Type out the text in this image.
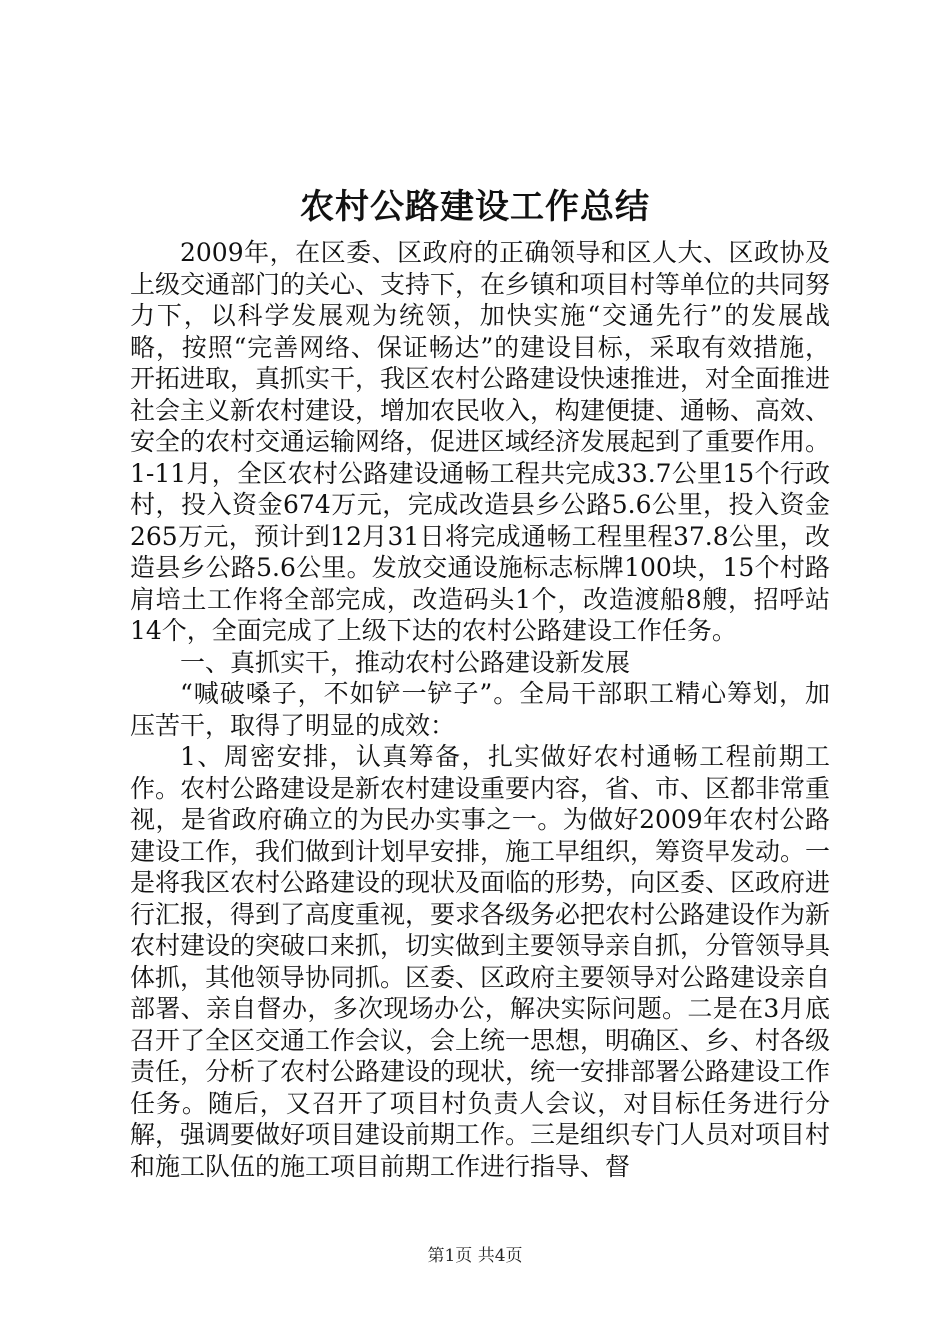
农村公路建设工作总结

2009年，在区委、区政府的正确领导和区人大、区政协及上级交通部门的关心、支持下，在乡镇和项目村等单位的共同努力下，以科学发展观为统领，加快实施“交通先行”的发展战略，按照“完善网络、保证畅达”的建设目标，采取有效措施，开拓进取，真抓实干，我区农村公路建设快速推进，对全面推进社会主义新农村建设，增加农民收入，构建便捷、通畅、高效、安全的农村交通运输网络，促进区域经济发展起到了重要作用。1-11月，全区农村公路建设通畅工程共完成33.7公里15个行政村，投入资金674万元，完成改造县乡公路5.6公里，投入资金265万元，预计到12月31日将完成通畅工程里程37.8公里，改造县乡公路5.6公里。发放交通设施标志标牌100块，15个村路肩培土工作将全部完成，改造码头1个，改造渡船8艘，招呼站14个，全面完成了上级下达的农村公路建设工作任务。

一、真抓实干，推动农村公路建设新发展

“喊破嗓子，不如铲一铲子”。全局干部职工精心筹划，加压苦干，取得了明显的成效：

1、周密安排，认真筹备，扎实做好农村通畅工程前期工作。农村公路建设是新农村建设重要内容，省、市、区都非常重视，是省政府确立的为民办实事之一。为做好2009年农村公路建设工作，我们做到计划早安排，施工早组织，筹资早发动。一是将我区农村公路建设的现状及面临的形势，向区委、区政府进行汇报，得到了高度重视，要求各级务必把农村公路建设作为新农村建设的突破口来抓，切实做到主要领导亲自抓，分管领导具体抓，其他领导协同抓。区委、区政府主要领导对公路建设亲自部署、亲自督办，多次现场办公，解决实际问题。二是在3月底召开了全区交通工作会议，会上统一思想，明确区、乡、村各级责任，分析了农村公路建设的现状，统一安排部署公路建设工作任务。随后，又召开了项目村负责人会议，对目标任务进行分解，强调要做好项目建设前期工作。三是组织专门人员对项目村和施工队伍的施工项目前期工作进行指导、督

第1页 共4页
